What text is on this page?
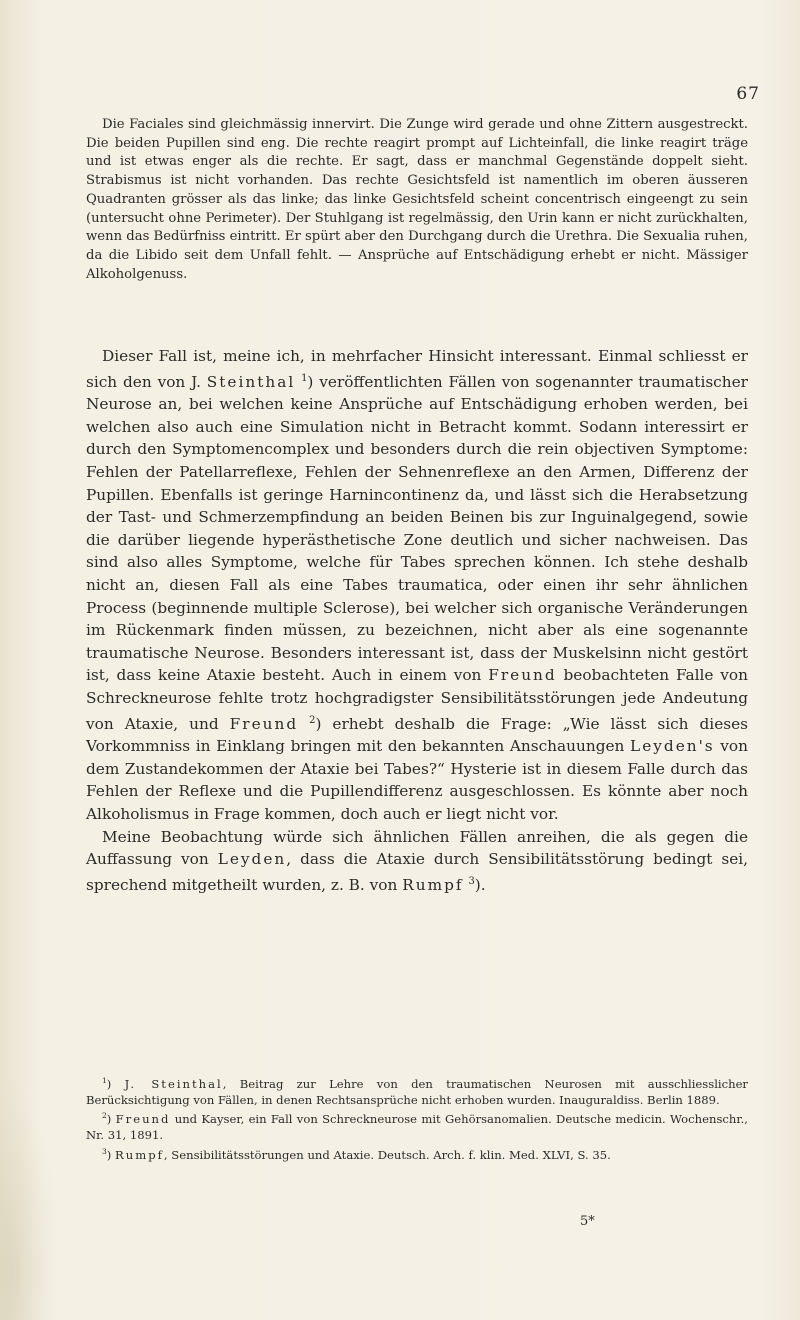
67

Die Faciales sind gleichmässig innervirt. Die Zunge wird gerade und ohne Zittern ausgestreckt. Die beiden Pupillen sind eng. Die rechte reagirt prompt auf Lichteinfall, die linke reagirt träge und ist etwas enger als die rechte. Er sagt, dass er manchmal Gegenstände doppelt sieht. Strabismus ist nicht vorhanden. Das rechte Gesichtsfeld ist namentlich im oberen äusseren Quadranten grösser als das linke; das linke Gesichtsfeld scheint concentrisch eingeengt zu sein (untersucht ohne Perimeter). Der Stuhlgang ist regelmässig, den Urin kann er nicht zurückhalten, wenn das Bedürfniss eintritt. Er spürt aber den Durchgang durch die Urethra. Die Sexualia ruhen, da die Libido seit dem Unfall fehlt. — Ansprüche auf Entschädigung erhebt er nicht. Mässiger Alkoholgenuss.

Dieser Fall ist, meine ich, in mehrfacher Hinsicht interessant. Einmal schliesst er sich den von J. Steinthal $^1$) veröffentlichten Fällen von sogenannter traumatischer Neurose an, bei welchen keine Ansprüche auf Entschädigung erhoben werden, bei welchen also auch eine Simulation nicht in Betracht kommt. Sodann interessirt er durch den Symptomencomplex und besonders durch die rein objectiven Symptome: Fehlen der Patellarreflexe, Fehlen der Sehnenreflexe an den Armen, Differenz der Pupillen. Ebenfalls ist geringe Harnincontinenz da, und lässt sich die Herabsetzung der Tast- und Schmerzempfindung an beiden Beinen bis zur Inguinalgegend, sowie die darüber liegende hyperästhetische Zone deutlich und sicher nachweisen. Das sind also alles Symptome, welche für Tabes sprechen können. Ich stehe deshalb nicht an, diesen Fall als eine Tabes traumatica, oder einen ihr sehr ähnlichen Process (beginnende multiple Sclerose), bei welcher sich organische Veränderungen im Rückenmark finden müssen, zu bezeichnen, nicht aber als eine sogenannte traumatische Neurose. Besonders interessant ist, dass der Muskelsinn nicht gestört ist, dass keine Ataxie besteht. Auch in einem von Freund beobachteten Falle von Schreckneurose fehlte trotz hochgradigster Sensibilitätsstörungen jede Andeutung von Ataxie, und Freund $^2$) erhebt deshalb die Frage: „Wie lässt sich dieses Vorkommniss in Einklang bringen mit den bekannten Anschauungen Leyden's von dem Zustandekommen der Ataxie bei Tabes?“ Hysterie ist in diesem Falle durch das Fehlen der Reflexe und die Pupillendifferenz ausgeschlossen. Es könnte aber noch Alkoholismus in Frage kommen, doch auch er liegt nicht vor.

Meine Beobachtung würde sich ähnlichen Fällen anreihen, die als gegen die Auffassung von Leyden, dass die Ataxie durch Sensibilitätsstörung bedingt sei, sprechend mitgetheilt wurden, z. B. von Rumpf $^3$).

$^1$) J. Steinthal, Beitrag zur Lehre von den traumatischen Neurosen mit ausschliesslicher Berücksichtigung von Fällen, in denen Rechtsansprüche nicht erhoben wurden. Inauguraldiss. Berlin 1889.

$^2$) Freund und Kayser, ein Fall von Schreckneurose mit Gehörsanomalien. Deutsche medicin. Wochenschr., Nr. 31, 1891.

$^3$) Rumpf, Sensibilitätsstörungen und Ataxie. Deutsch. Arch. f. klin. Med. XLVI, S. 35.

5*
